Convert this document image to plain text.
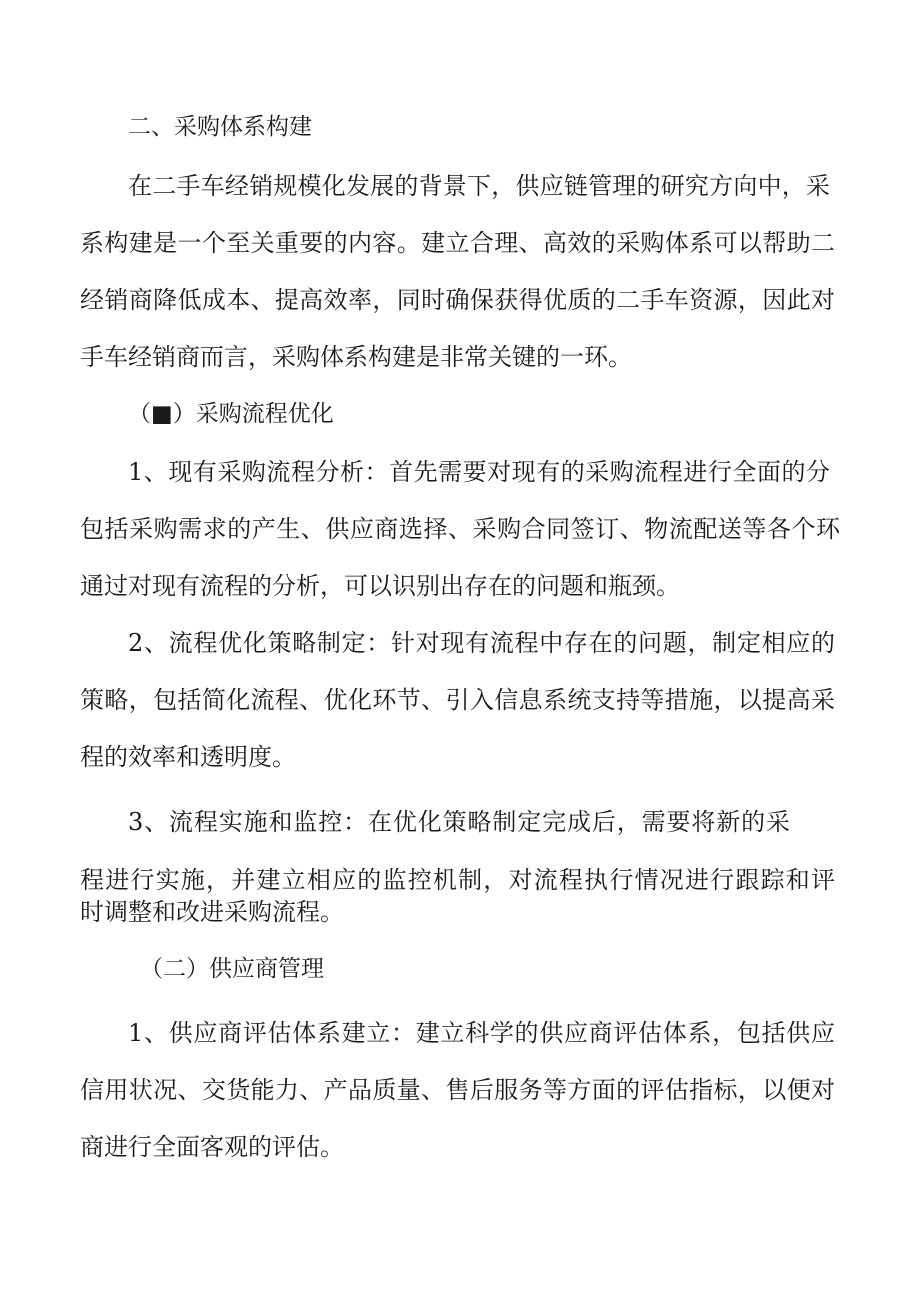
二、采购体系构建
在二手车经销规模化发展的背景下，供应链管理的研究方向中，采
系构建是一个至关重要的内容。建立合理、高效的采购体系可以帮助二
经销商降低成本、提高效率，同时确保获得优质的二手车资源，因此对
手车经销商而言，采购体系构建是非常关键的一环。
（■）采购流程优化
1、现有采购流程分析：首先需要对现有的采购流程进行全面的分
包括采购需求的产生、供应商选择、采购合同签订、物流配送等各个环
通过对现有流程的分析，可以识别出存在的问题和瓶颈。
2、流程优化策略制定：针对现有流程中存在的问题，制定相应的
策略，包括简化流程、优化环节、引入信息系统支持等措施，以提高采
程的效率和透明度。
3、流程实施和监控：在优化策略制定完成后，需要将新的采
程进行实施，并建立相应的监控机制，对流程执行情况进行跟踪和评
时调整和改进采购流程。
（二）供应商管理
1、供应商评估体系建立：建立科学的供应商评估体系，包括供应
信用状况、交货能力、产品质量、售后服务等方面的评估指标，以便对
商进行全面客观的评估。
